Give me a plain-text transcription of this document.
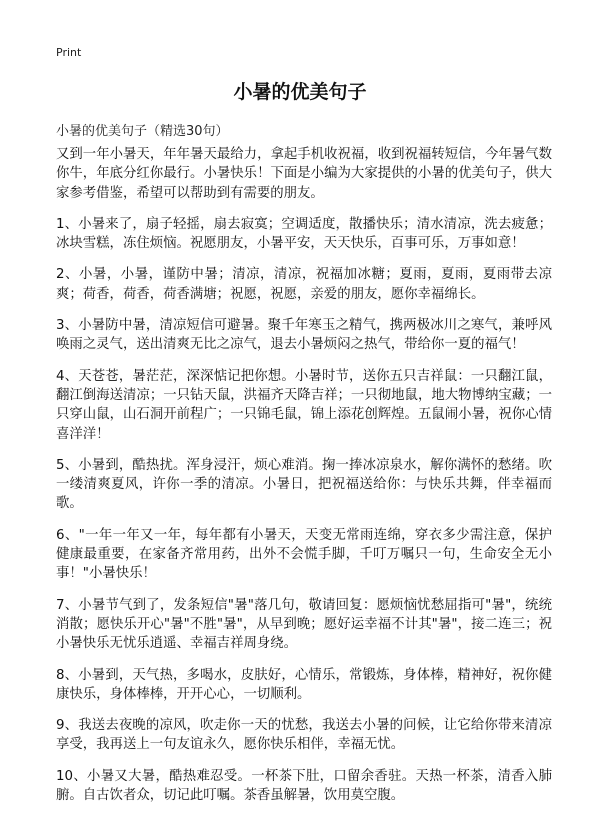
Print
小暑的优美句子
小暑的优美句子（精选30句）

又到一年小暑天，年年暑天最给力，拿起手机收祝福，收到祝福转短信，今年暑气数你牛，年底分红你最行。小暑快乐！下面是小编为大家提供的小暑的优美句子，供大家参考借鉴，希望可以帮助到有需要的朋友。

1、小暑来了，扇子轻摇，扇去寂寞；空调适度，散播快乐；清水清凉，洗去疲惫；冰块雪糕，冻住烦恼。祝愿朋友，小暑平安，天天快乐，百事可乐，万事如意！

2、小暑，小暑，谨防中暑；清凉，清凉，祝福加冰糖；夏雨，夏雨，夏雨带去凉爽；荷香，荷香，荷香满塘；祝愿，祝愿，亲爱的朋友，愿你幸福绵长。

3、小暑防中暑，清凉短信可避暑。聚千年寒玉之精气，携两极冰川之寒气，兼呼风唤雨之灵气，送出清爽无比之凉气，退去小暑烦闷之热气，带给你一夏的福气！

4、天苍苍，暑茫茫，深深惦记把你想。小暑时节，送你五只吉祥鼠：一只翻江鼠，翻江倒海送清凉；一只钻天鼠，洪福齐天降吉祥；一只彻地鼠，地大物博纳宝藏；一只穿山鼠，山石洞开前程广；一只锦毛鼠，锦上添花创辉煌。五鼠闹小暑，祝你心情喜洋洋！

5、小暑到，酷热扰。浑身浸汗，烦心难消。掬一捧冰凉泉水，解你满怀的愁绪。吹一缕清爽夏风，许你一季的清凉。小暑日，把祝福送给你：与快乐共舞，伴幸福而歌。

6、"一年一年又一年，每年都有小暑天，天变无常雨连绵，穿衣多少需注意，保护健康最重要，在家备齐常用药，出外不会慌手脚，千叮万嘱只一句，生命安全无小事！"小暑快乐！

7、小暑节气到了，发条短信"暑"落几句，敬请回复：愿烦恼忧愁屈指可"暑"，统统消散；愿快乐开心"暑"不胜"暑"，从早到晚；愿好运幸福不计其"暑"，接二连三；祝小暑快乐无忧乐逍遥、幸福吉祥周身绕。

8、小暑到，天气热，多喝水，皮肤好，心情乐，常锻炼，身体棒，精神好，祝你健康快乐，身体棒棒，开开心心，一切顺利。

9、我送去夜晚的凉风，吹走你一天的忧愁，我送去小暑的问候，让它给你带来清凉享受，我再送上一句友谊永久，愿你快乐相伴，幸福无忧。

10、小暑又大暑，酷热难忍受。一杯茶下肚，口留余香驻。天热一杯茶，清香入肺腑。自古饮者众，切记此叮嘱。茶香虽解暑，饮用莫空腹。
